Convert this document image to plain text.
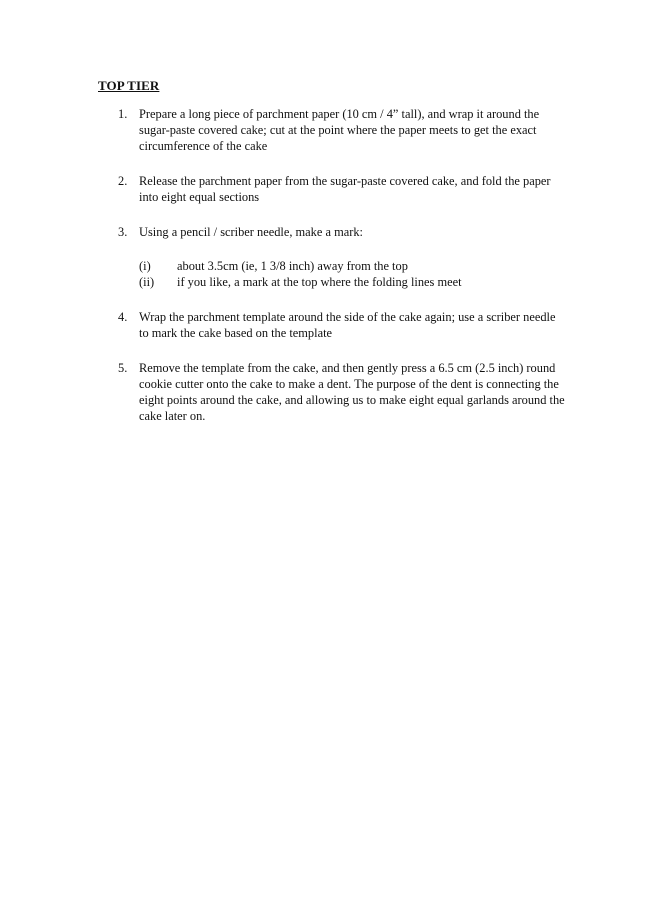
TOP TIER
1. Prepare a long piece of parchment paper (10 cm / 4” tall), and wrap it around the sugar-paste covered cake; cut at the point where the paper meets to get the exact circumference of the cake
2. Release the parchment paper from the sugar-paste covered cake, and fold the paper into eight equal sections
3. Using a pencil / scriber needle, make a mark:
(i) about 3.5cm (ie, 1 3/8 inch) away from the top
(ii) if you like, a mark at the top where the folding lines meet
4. Wrap the parchment template around the side of the cake again; use a scriber needle to mark the cake based on the template
5. Remove the template from the cake, and then gently press a 6.5 cm (2.5 inch) round cookie cutter onto the cake to make a dent. The purpose of the dent is connecting the eight points around the cake, and allowing us to make eight equal garlands around the cake later on.
